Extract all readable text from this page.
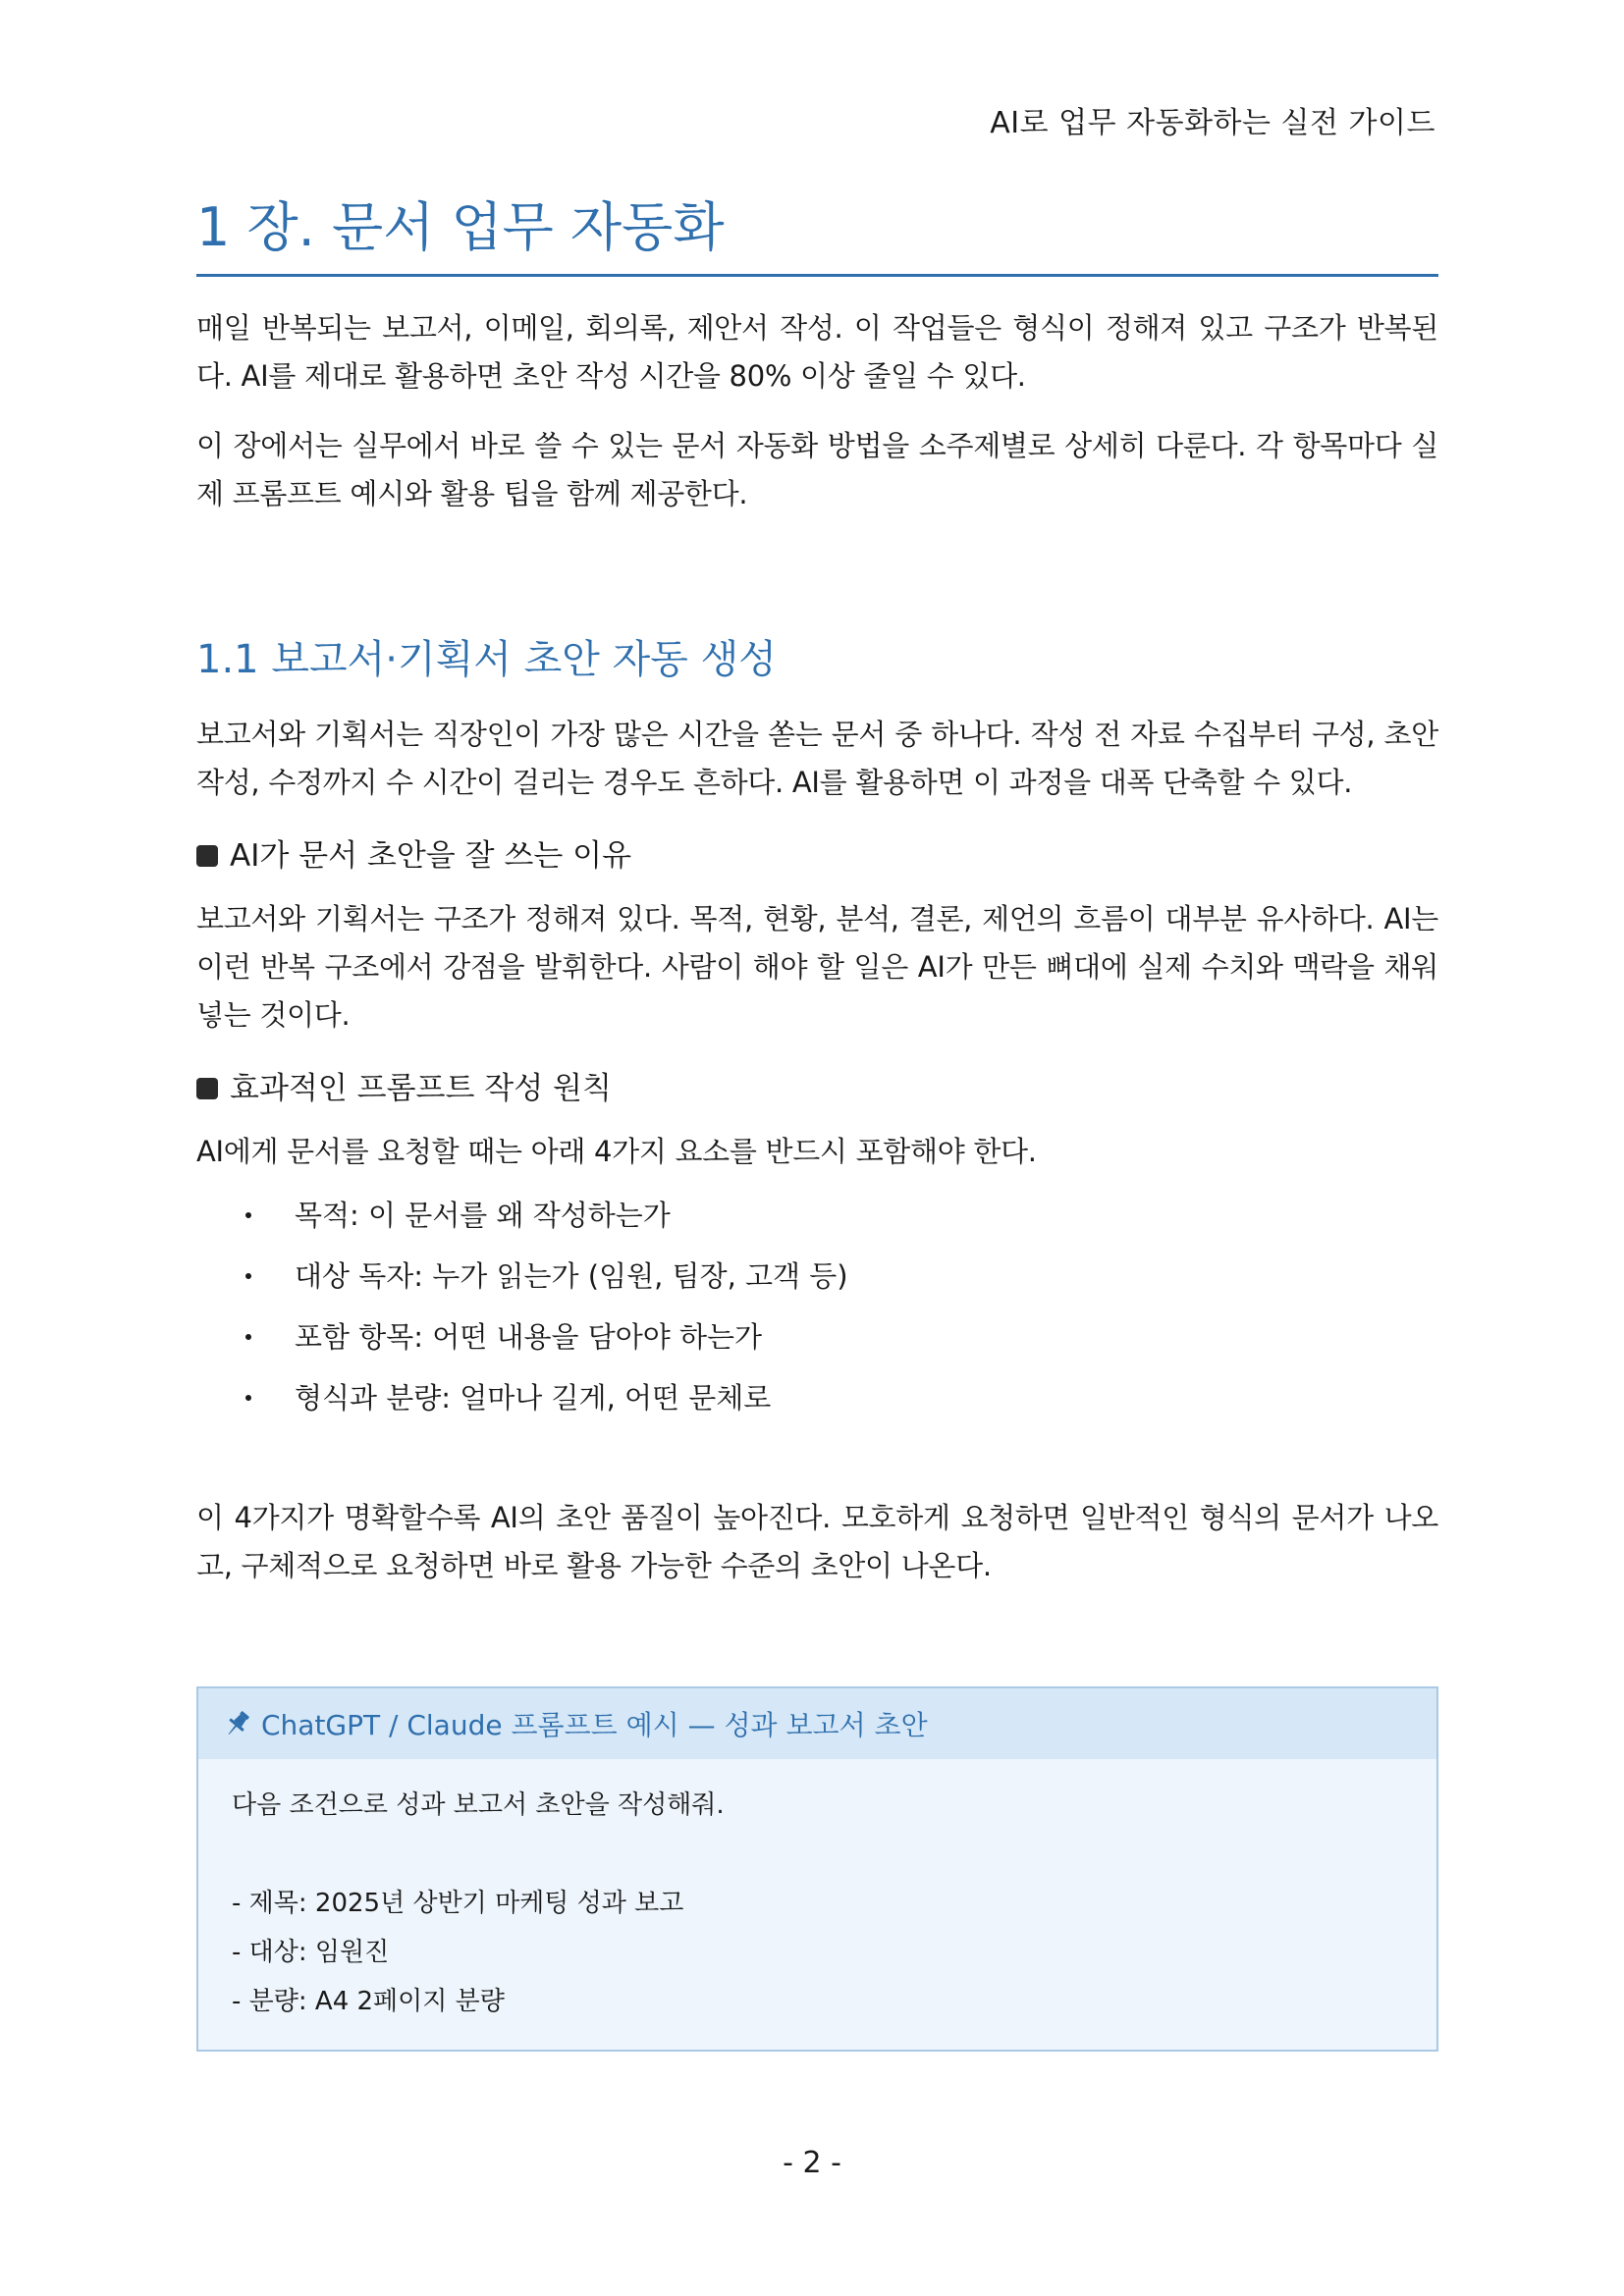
AI로 업무 자동화하는 실전 가이드
1 장. 문서 업무 자동화

매일 반복되는 보고서, 이메일, 회의록, 제안서 작성. 이 작업들은 형식이 정해져 있고 구조가 반복된다. AI를 제대로 활용하면 초안 작성 시간을 80% 이상 줄일 수 있다.

이 장에서는 실무에서 바로 쓸 수 있는 문서 자동화 방법을 소주제별로 상세히 다룬다. 각 항목마다 실제 프롬프트 예시와 활용 팁을 함께 제공한다.

1.1 보고서·기획서 초안 자동 생성

보고서와 기획서는 직장인이 가장 많은 시간을 쏟는 문서 중 하나다. 작성 전 자료 수집부터 구성, 초안 작성, 수정까지 수 시간이 걸리는 경우도 흔하다. AI를 활용하면 이 과정을 대폭 단축할 수 있다.

AI가 문서 초안을 잘 쓰는 이유

보고서와 기획서는 구조가 정해져 있다. 목적, 현황, 분석, 결론, 제언의 흐름이 대부분 유사하다. AI는 이런 반복 구조에서 강점을 발휘한다. 사람이 해야 할 일은 AI가 만든 뼈대에 실제 수치와 맥락을 채워 넣는 것이다.

효과적인 프롬프트 작성 원칙

AI에게 문서를 요청할 때는 아래 4가지 요소를 반드시 포함해야 한다.

목적: 이 문서를 왜 작성하는가
대상 독자: 누가 읽는가 (임원, 팀장, 고객 등)
포함 항목: 어떤 내용을 담아야 하는가
형식과 분량: 얼마나 길게, 어떤 문체로

이 4가지가 명확할수록 AI의 초안 품질이 높아진다. 모호하게 요청하면 일반적인 형식의 문서가 나오고, 구체적으로 요청하면 바로 활용 가능한 수준의 초안이 나온다.

ChatGPT / Claude 프롬프트 예시 — 성과 보고서 초안
다음 조건으로 성과 보고서 초안을 작성해줘.
- 제목: 2025년 상반기 마케팅 성과 보고
- 대상: 임원진
- 분량: A4 2페이지 분량
- 2 -
